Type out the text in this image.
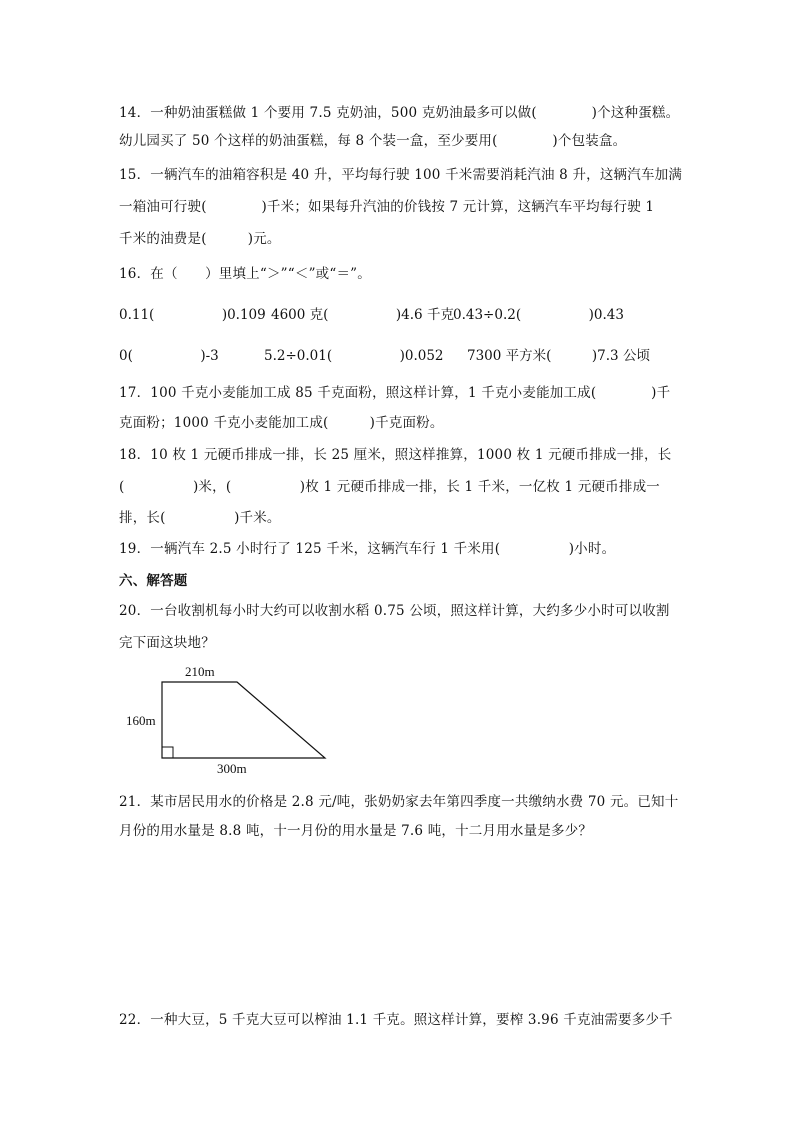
14．一种奶油蛋糕做 1 个要用 7.5 克奶油，500 克奶油最多可以做(　　　　)个这种蛋糕。
幼儿园买了 50 个这样的奶油蛋糕，每 8 个装一盒，至少要用(　　　　)个包装盒。
15．一辆汽车的油箱容积是 40 升，平均每行驶 100 千米需要消耗汽油 8 升，这辆汽车加满
一箱油可行驶(　　　　)千米；如果每升汽油的价钱按 7 元计算，这辆汽车平均每行驶 1
千米的油费是(　　　)元。
16．在（　　）里填上“＞”“＜”或“＝”。
0.11(　　　　　)0.109 4600 克(　　　　　)4.6 千克 0.43÷0.2(　　　　　)0.43
0(　　　　　)-3	5.2÷0.01(　　　　　)0.052 7300 平方米(　　　)7.3 公顷
17．100 千克小麦能加工成 85 千克面粉，照这样计算，1 千克小麦能加工成(　　　　)千
克面粉；1000 千克小麦能加工成(　　　)千克面粉。
18．10 枚 1 元硬币排成一排，长 25 厘米，照这样推算，1000 枚 1 元硬币排成一排，长
(　　　　　)米，(　　　　　)枚 1 元硬币排成一排，长 1 千米，一亿枚 1 元硬币排成一
排，长(　　　　　)千米。
19．一辆汽车 2.5 小时行了 125 千米，这辆汽车行 1 千米用(　　　　　)小时。
六、解答题
20．一台收割机每小时大约可以收割水稻 0.75 公顷，照这样计算，大约多少小时可以收割
完下面这块地？
210m
160m
300m
21．某市居民用水的价格是 2.8 元/吨，张奶奶家去年第四季度一共缴纳水费 70 元。已知十
月份的用水量是 8.8 吨，十一月份的用水量是 7.6 吨，十二月用水量是多少？
22．一种大豆，5 千克大豆可以榨油 1.1 千克。照这样计算，要榨 3.96 千克油需要多少千
